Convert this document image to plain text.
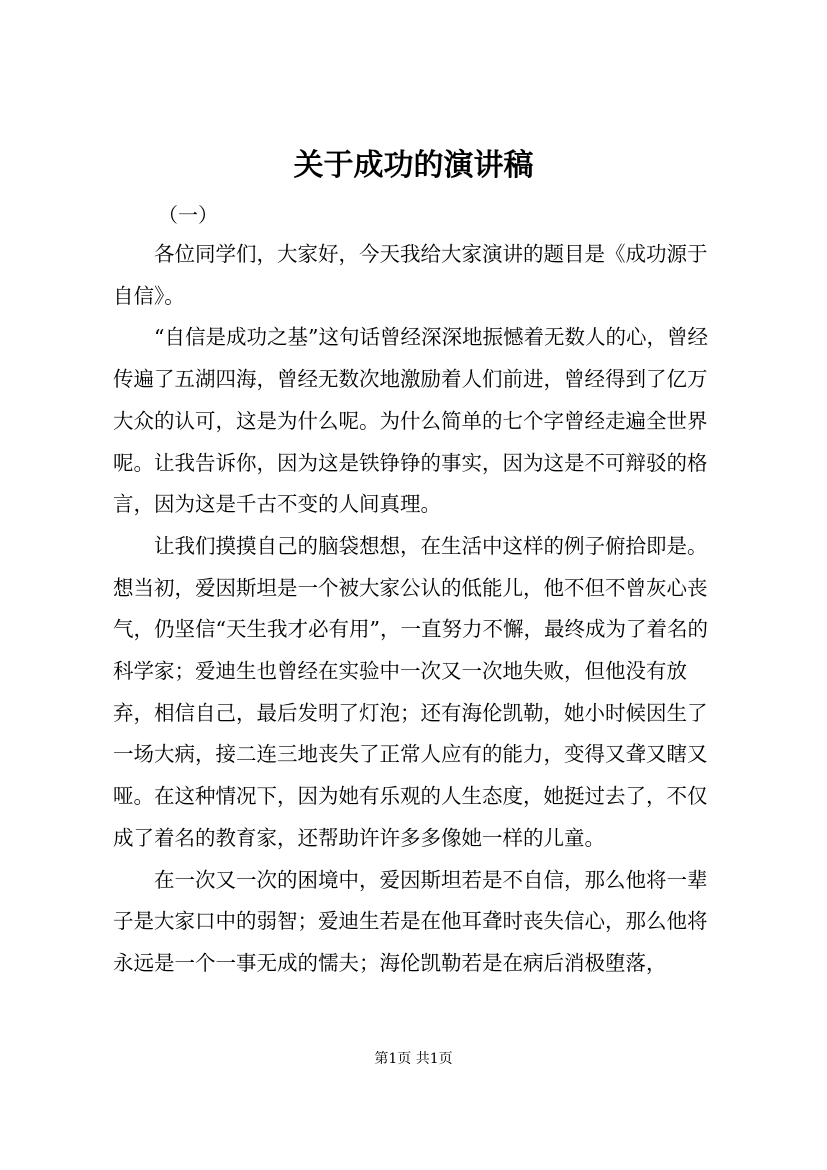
关于成功的演讲稿
（一）

各位同学们，大家好，今天我给大家演讲的题目是《成功源于自信》。

“自信是成功之基”这句话曾经深深地振憾着无数人的心，曾经传遍了五湖四海，曾经无数次地激励着人们前进，曾经得到了亿万大众的认可，这是为什么呢。为什么简单的七个字曾经走遍全世界呢。让我告诉你，因为这是铁铮铮的事实，因为这是不可辩驳的格言，因为这是千古不变的人间真理。

让我们摸摸自己的脑袋想想，在生活中这样的例子俯拾即是。想当初，爱因斯坦是一个被大家公认的低能儿，他不但不曾灰心丧气，仍坚信“天生我才必有用”，一直努力不懈，最终成为了着名的科学家；爱迪生也曾经在实验中一次又一次地失败，但他没有放弃，相信自己，最后发明了灯泡；还有海伦凯勒，她小时候因生了一场大病，接二连三地丧失了正常人应有的能力，变得又聋又瞎又哑。在这种情况下，因为她有乐观的人生态度，她挺过去了，不仅成了着名的教育家，还帮助许许多多像她一样的儿童。

在一次又一次的困境中，爱因斯坦若是不自信，那么他将一辈子是大家口中的弱智；爱迪生若是在他耳聋时丧失信心，那么他将永远是一个一事无成的懦夫；海伦凯勒若是在病后消极堕落，

第1页 共1页
